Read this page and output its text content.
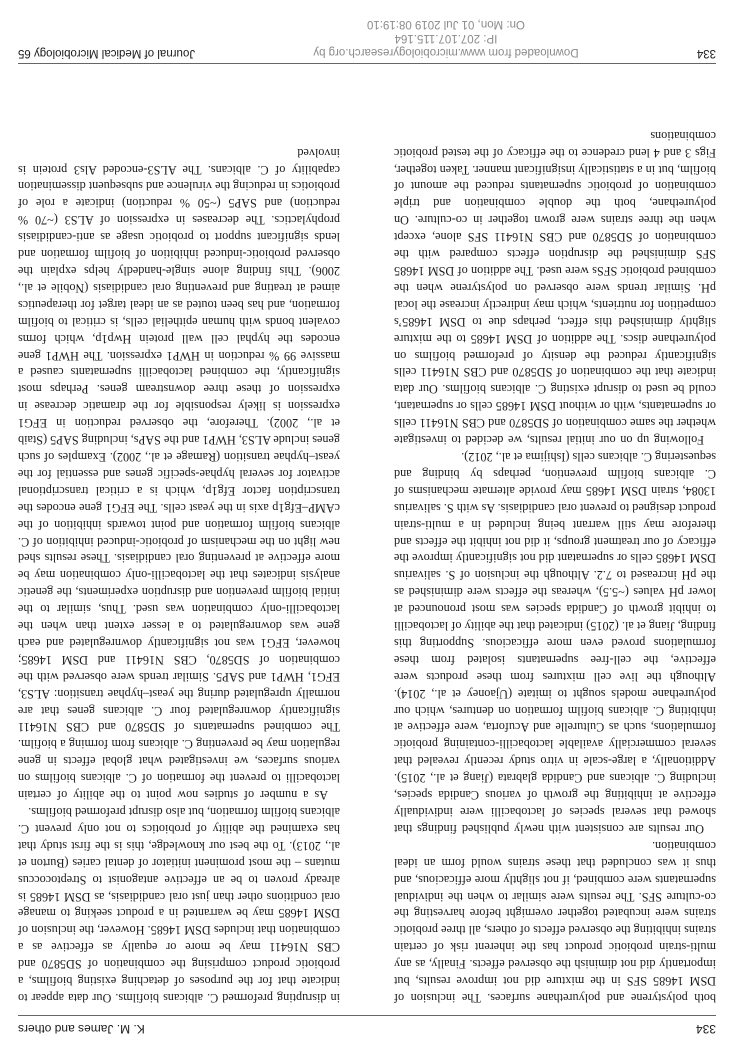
334
K. M. James and others

both polystyrene and polyurethane surfaces. The inclusion of DSM 14685 SFS in the mixture did not improve results, but importantly did not diminish the observed effects. Finally, as any multi-strain probiotic product has the inherent risk of certain strains inhibiting the observed effects of others, all three probiotic strains were incubated together overnight before harvesting the co-culture SFS. The results were similar to when the individual supernatants were combined, if not slightly more efficacious, and thus it was concluded that these strains would form an ideal combination.

Our results are consistent with newly published findings that showed that several species of lactobacilli were individually effective at inhibiting the growth of various Candida species, including C. albicans and Candida glabrata (Jiang et al., 2015). Additionally, a large-scale in vitro study recently revealed that several commercially available lactobacilli-containing probiotic formulations, such as Culturelle and Acuforta, were effective at inhibiting C. albicans biofilm formation on dentures, which our polyurethane models sought to imitate (Ujaoney et al., 2014). Although the live cell mixtures from these products were effective, the cell-free supernatants isolated from these formulations proved even more efficacious. Supporting this finding, Jiang et al. (2015) indicated that the ability of lactobacilli to inhibit growth of Candida species was most pronounced at lower pH values (~5.5), whereas the effects were diminished as the pH increased to 7.2. Although the inclusion of S. salivarius DSM 14685 cells or supernatant did not significantly improve the efficacy of our treatment groups, it did not inhibit the effects and therefore may still warrant being included in a multi-strain product designed to prevent oral candidiasis. As with S. salivarius 13084, strain DSM 14685 may provide alternate mechanisms of C. albicans biofilm prevention, perhaps by binding and sequestering C. albicans cells (Ishijima et al., 2012).

Following up on our initial results, we decided to investigate whether the same combination of SD5870 and CBS N16411 cells or supernatants, with or without DSM 14685 cells or supernatant, could be used to disrupt existing C. albicans biofilms. Our data indicate that the combination of SD5870 and CBS N16411 cells significantly reduced the density of preformed biofilms on polyurethane discs. The addition of DSM 14685 to the mixture slightly diminished this effect, perhaps due to DSM 14685’s competition for nutrients, which may indirectly increase the local pH. Similar trends were observed on polystyrene when the combined probiotic SFSs were used. The addition of DSM 14685 SFS diminished the disruption effects compared with the combination of SD5870 and CBS N16411 SFS alone, except when the three strains were grown together in co-culture. On polyurethane, both the double combination and triple combination of probiotic supernatants reduced the amount of biofilm, but in a statistically insignificant manner. Taken together, Figs 3 and 4 lend credence to the efficacy of the tested probiotic combinations

in disrupting preformed C. albicans biofilms. Our data appear to indicate that for the purposes of detaching existing biofilms, a probiotic product comprising the combination of SD5870 and CBS N16411 may be more or equally as effective as a combination that includes DSM 14685. However, the inclusion of DSM 14685 may be warranted in a product seeking to manage oral conditions other than just oral candidiasis, as DSM 14685 is already proven to be an effective antagonist to Streptococcus mutans – the most prominent initiator of dental caries (Burton et al., 2013). To the best our knowledge, this is the first study that has examined the ability of probiotics to not only prevent C. albicans biofilm formation, but also disrupt preformed biofilms.

As a number of studies now point to the ability of certain lactobacilli to prevent the formation of C. albicans biofilms on various surfaces, we investigated what global effects in gene regulation may be preventing C. albicans from forming a biofilm. The combined supernatants of SD5870 and CBS N16411 significantly downregulated four C. albicans genes that are normally upregulated during the yeast–hyphae transition: ALS3, EFG1, HWP1 and SAP5. Similar trends were observed with the combination of SD5870, CBS N16411 and DSM 14685; however, EFG1 was not significantly downregulated and each gene was downregulated to a lesser extent than when the lactobacilli-only combination was used. Thus, similar to the initial biofilm prevention and disruption experiments, the genetic analysis indicates that the lactobacilli-only combination may be more effective at preventing oral candidiasis. These results shed new light on the mechanism of probiotic-induced inhibition of C. albicans biofilm formation and point towards inhibition of the cAMP–Efg1p axis in the yeast cells. The EFG1 gene encodes the transcription factor Efg1p, which is a critical transcriptional activator for several hyphae-specific genes and essential for the yeast–hyphae transition (Ramage et al., 2002). Examples of such genes include ALS3, HWP1 and the SAPs, including SAP5 (Staib et al., 2002). Therefore, the observed reduction in EFG1 expression is likely responsible for the dramatic decrease in expression of these three downstream genes. Perhaps most significantly, the combined lactobacilli supernatants caused a massive 99 % reduction in HWP1 expression. The HWP1 gene encodes the hyphal cell wall protein Hwp1p, which forms covalent bonds with human epithelial cells, is critical to biofilm formation, and has been touted as an ideal target for therapeutics aimed at treating and preventing oral candidiasis (Nobile et al., 2006). This finding alone single-handedly helps explain the observed probiotic-induced inhibition of biofilm formation and lends significant support to probiotic usage as anti-candidiasis prophylactics. The decreases in expression of ALS3 (~70 % reduction) and SAP5 (~50 % reduction) indicate a role of probiotics in reducing the virulence and subsequent dissemination capability of C. albicans. The ALS3-encoded Als3 protein is involved

334
Downloaded from www.microbiologyresearch.org by
IP: 207.107.115.164
On: Mon, 01 Jul 2019 08:19:10
Journal of Medical Microbiology 65
